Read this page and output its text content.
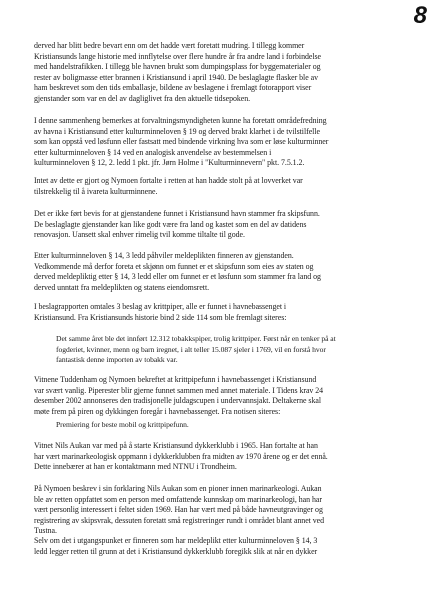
8
derved har blitt bedre bevart enn om det hadde vært foretatt mudring. I tillegg kommer
Kristiansunds lange historie med innflytelse over flere hundre år fra andre land i forbindelse
med handelstrafikken. I tillegg ble havnen brukt som dumpingsplass for byggematerialer og
rester av boligmasse etter brannen i Kristiansund i april 1940. De beslaglagte flasker ble av
ham beskrevet som den tids emballasje, bildene av beslagene i fremlagt fotorapport viser
gjenstander som var en del av dagliglivet fra den aktuelle tidsepoken.
I denne sammenheng bemerkes at forvaltningsmyndigheten kunne ha foretatt områdefredning
av havna i Kristiansund etter kulturminneloven § 19 og derved brakt klarhet i de tvilstilfelle
som kan oppstå ved løsfunn eller fastsatt med bindende virkning hva som er løse kulturminner
etter kulturminneloven § 14 ved en analogisk anvendelse av bestemmelsen i
kulturminneloven § 12, 2. ledd 1 pkt. jfr. Jørn Holme i "Kulturminnevern" pkt. 7.5.1.2.
Intet av dette er gjort og Nymoen fortalte i retten at han hadde stolt på at lovverket var
tilstrekkelig til å ivareta kulturminnene.
Det er ikke ført bevis for at gjenstandene funnet i Kristiansund havn stammer fra skipsfunn.
De beslaglagte gjenstander kan like godt være fra land og kastet som en del av datidens
renovasjon. Uansett skal enhver rimelig tvil komme tiltalte til gode.
Etter kulturminneloven § 14, 3 ledd påhviler meldeplikten finneren av gjenstanden.
Vedkommende må derfor foreta et skjønn om funnet er et skipsfunn som eies av staten og
derved meldepliktig etter § 14, 3 ledd eller om funnet er et løsfunn som stammer fra land og
derved unntatt fra meldeplikten og statens eiendomsrett.
I beslagrapporten omtales 3 beslag av krittpiper, alle er funnet i havnebassenget i
Kristiansund. Fra Kristiansunds historie bind 2 side 114 som ble fremlagt siteres:
Det samme året ble det innført 12.312 tobakkspiper, trolig krittpiper. Først når en tenker på at
fogderiet, kvinner, menn og barn iregnet, i alt teller 15.087 sjeler i 1769, vil en forstå hvor
fantastisk denne importen av tobakk var.
Vitnene Tuddenham og Nymoen bekreftet at krittpipefunn i havnebassenget i Kristiansund
var svært vanlig. Piperester blir gjerne funnet sammen med annet materiale. I Tidens krav 24
desember 2002 annonseres den tradisjonelle juldagscupen i undervannsjakt. Deltakerne skal
møte frem på piren og dykkingen foregår i havnebassenget. Fra notisen siteres:
Premiering for beste mobil og krittpipefunn.
Vitnet Nils Aukan var med på å starte Kristiansund dykkerklubb i 1965. Han fortalte at han
har vært marinarkeologisk oppmann i dykkerklubben fra midten av 1970 årene og er det ennå.
Dette innebærer at han er kontaktmann med NTNU i Trondheim.
På Nymoen beskrev i sin forklaring Nils Aukan som en pioner innen marinarkeologi. Aukan
ble av retten oppfattet som en person med omfattende kunnskap om marinarkeologi, han har
vært personlig interessert i feltet siden 1969. Han har vært med på både havneutgravinger og
registrering av skipsvrak, dessuten foretatt små registreringer rundt i området blant annet ved
Tustna.
Selv om det i utgangspunket er finneren som har meldeplikt etter kulturminneloven § 14, 3
ledd legger retten til grunn at det i Kristiansund dykkerklubb foregikk slik at når en dykker
